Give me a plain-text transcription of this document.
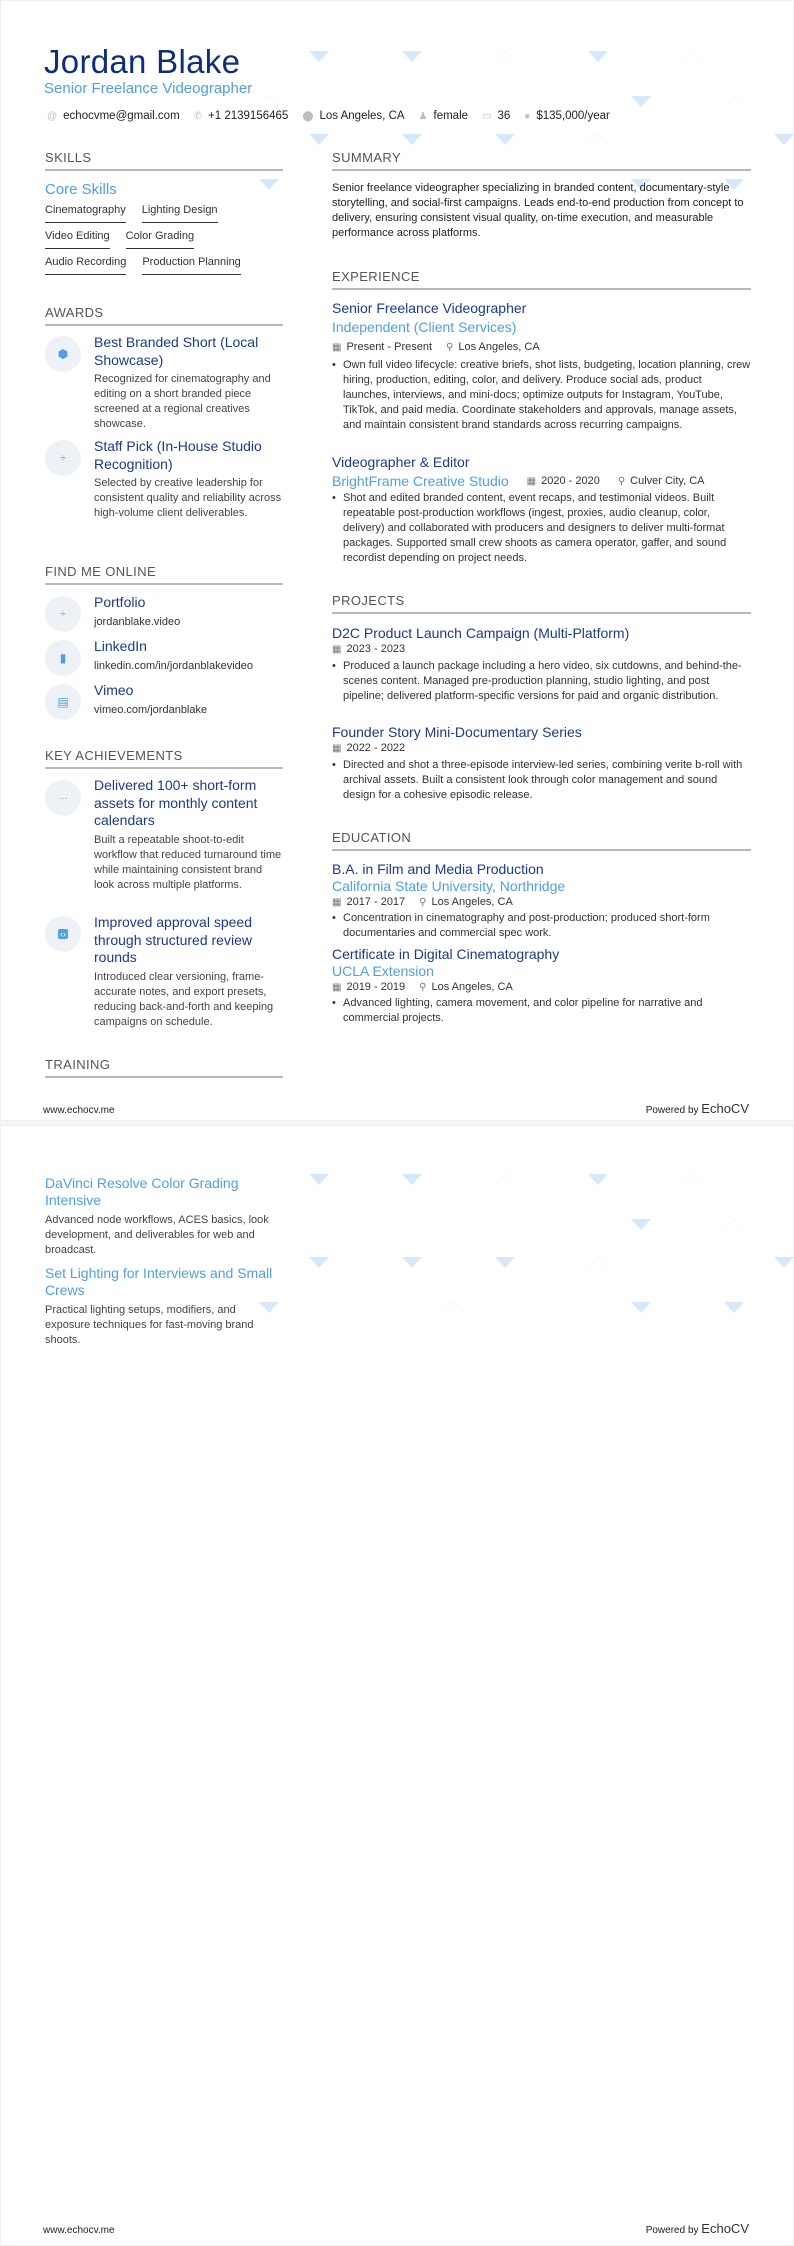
Jordan Blake
Senior Freelance Videographer
@ echocvme@gmail.com ✆ +1 2139156465 ⬤ Los Angeles, CA ♟ female ▭ 36 ● $135,000/year
SKILLS
Core Skills
Cinematography Lighting Design
Video Editing Color Grading
Audio Recording Production Planning
AWARDS
⬢
Best Branded Short (Local Showcase)
Recognized for cinematography and editing on a short branded piece screened at a regional creatives showcase.
÷
Staff Pick (In-House Studio Recognition)
Selected by creative leadership for consistent quality and reliability across high-volume client deliverables.
FIND ME ONLINE
÷
Portfolio
jordanblake.video
▮
LinkedIn
linkedin.com/in/jordanblakevideo
▤
Vimeo
vimeo.com/jordanblake
KEY ACHIEVEMENTS
···
Delivered 100+ short-form assets for monthly content calendars
Built a repeatable shoot-to-edit workflow that reduced turnaround time while maintaining consistent brand look across multiple platforms.
‹›
Improved approval speed through structured review rounds
Introduced clear versioning, frame-accurate notes, and export presets, reducing back-and-forth and keeping campaigns on schedule.
TRAINING
SUMMARY
Senior freelance videographer specializing in branded content, documentary-style storytelling, and social-first campaigns. Leads end-to-end production from concept to delivery, ensuring consistent visual quality, on-time execution, and measurable performance across platforms.
EXPERIENCE
Senior Freelance Videographer
Independent (Client Services)
▦ Present - Present ⚲ Los Angeles, CA
• Own full video lifecycle: creative briefs, shot lists, budgeting, location planning, crew hiring, production, editing, color, and delivery. Produce social ads, product launches, interviews, and mini-docs; optimize outputs for Instagram, YouTube, TikTok, and paid media. Coordinate stakeholders and approvals, manage assets, and maintain consistent brand standards across recurring campaigns.
Videographer & Editor
BrightFrame Creative Studio ▦ 2020 - 2020 ⚲ Culver City, CA
• Shot and edited branded content, event recaps, and testimonial videos. Built repeatable post-production workflows (ingest, proxies, audio cleanup, color, delivery) and collaborated with producers and designers to deliver multi-format packages. Supported small crew shoots as camera operator, gaffer, and sound recordist depending on project needs.
PROJECTS
D2C Product Launch Campaign (Multi-Platform)
▦ 2023 - 2023
• Produced a launch package including a hero video, six cutdowns, and behind-the-scenes content. Managed pre-production planning, studio lighting, and post pipeline; delivered platform-specific versions for paid and organic distribution.
Founder Story Mini-Documentary Series
▦ 2022 - 2022
• Directed and shot a three-episode interview-led series, combining verite b-roll with archival assets. Built a consistent look through color management and sound design for a cohesive episodic release.
EDUCATION
B.A. in Film and Media Production
California State University, Northridge
▦ 2017 - 2017 ⚲ Los Angeles, CA
• Concentration in cinematography and post-production; produced short-form documentaries and commercial spec work.
Certificate in Digital Cinematography
UCLA Extension
▦ 2019 - 2019 ⚲ Los Angeles, CA
• Advanced lighting, camera movement, and color pipeline for narrative and commercial projects.
www.echocv.me	Powered by EchoCV
DaVinci Resolve Color Grading Intensive
Advanced node workflows, ACES basics, look development, and deliverables for web and broadcast.
Set Lighting for Interviews and Small Crews
Practical lighting setups, modifiers, and exposure techniques for fast-moving brand shoots.
www.echocv.me	Powered by EchoCV
